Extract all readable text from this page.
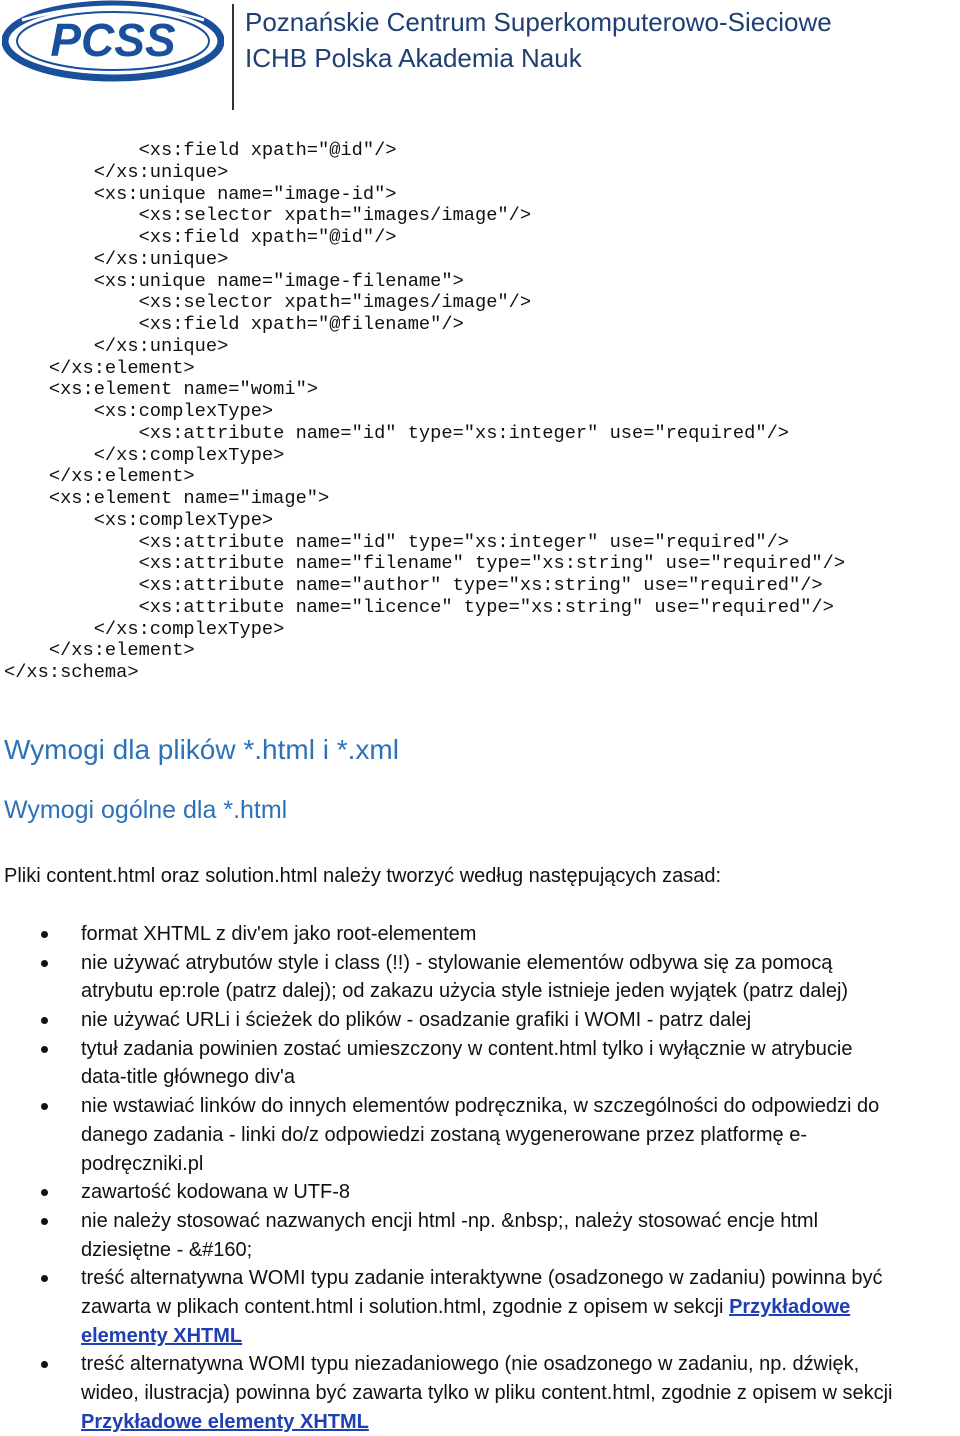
PCSS	Poznańskie Centrum Superkomputerowo-Sieciowe
ICHB Polska Akademia Nauk
<xs:field xpath="@id"/>
</xs:unique>
<xs:unique name="image-id">
<xs:selector xpath="images/image"/>
<xs:field xpath="@id"/>
</xs:unique>
<xs:unique name="image-filename">
<xs:selector xpath="images/image"/>
<xs:field xpath="@filename"/>
</xs:unique>
</xs:element>
<xs:element name="womi">
<xs:complexType>
<xs:attribute name="id" type="xs:integer" use="required"/>
</xs:complexType>
</xs:element>
<xs:element name="image">
<xs:complexType>
<xs:attribute name="id" type="xs:integer" use="required"/>
<xs:attribute name="filename" type="xs:string" use="required"/>
<xs:attribute name="author" type="xs:string" use="required"/>
<xs:attribute name="licence" type="xs:string" use="required"/>
</xs:complexType>
</xs:element>
</xs:schema>
Wymogi dla plików *.html i *.xml
Wymogi ogólne dla *.html
Pliki content.html oraz solution.html należy tworzyć według następujących zasad:
format XHTML z div'em jako root-elementem
nie używać atrybutów style i class (!!) - stylowanie elementów odbywa się za pomocą
atrybutu ep:role (patrz dalej); od zakazu użycia style istnieje jeden wyjątek (patrz dalej)
nie używać URLi i ścieżek do plików - osadzanie grafiki i WOMI - patrz dalej
tytuł zadania powinien zostać umieszczony w content.html tylko i wyłącznie w atrybucie
data-title głównego div'a
nie wstawiać linków do innych elementów podręcznika, w szczególności do odpowiedzi do
danego zadania - linki do/z odpowiedzi zostaną wygenerowane przez platformę e-
podręczniki.pl
zawartość kodowana w UTF-8
nie należy stosować nazwanych encji html -np. &nbsp;, należy stosować encje html
dziesiętne - &#160;
treść alternatywna WOMI typu zadanie interaktywne (osadzonego w zadaniu) powinna być
zawarta w plikach content.html i solution.html, zgodnie z opisem w sekcji Przykładowe
elementy XHTML
treść alternatywna WOMI typu niezadaniowego (nie osadzonego w zadaniu, np. dźwięk,
wideo, ilustracja) powinna być zawarta tylko w pliku content.html, zgodnie z opisem w sekcji
Przykładowe elementy XHTML
